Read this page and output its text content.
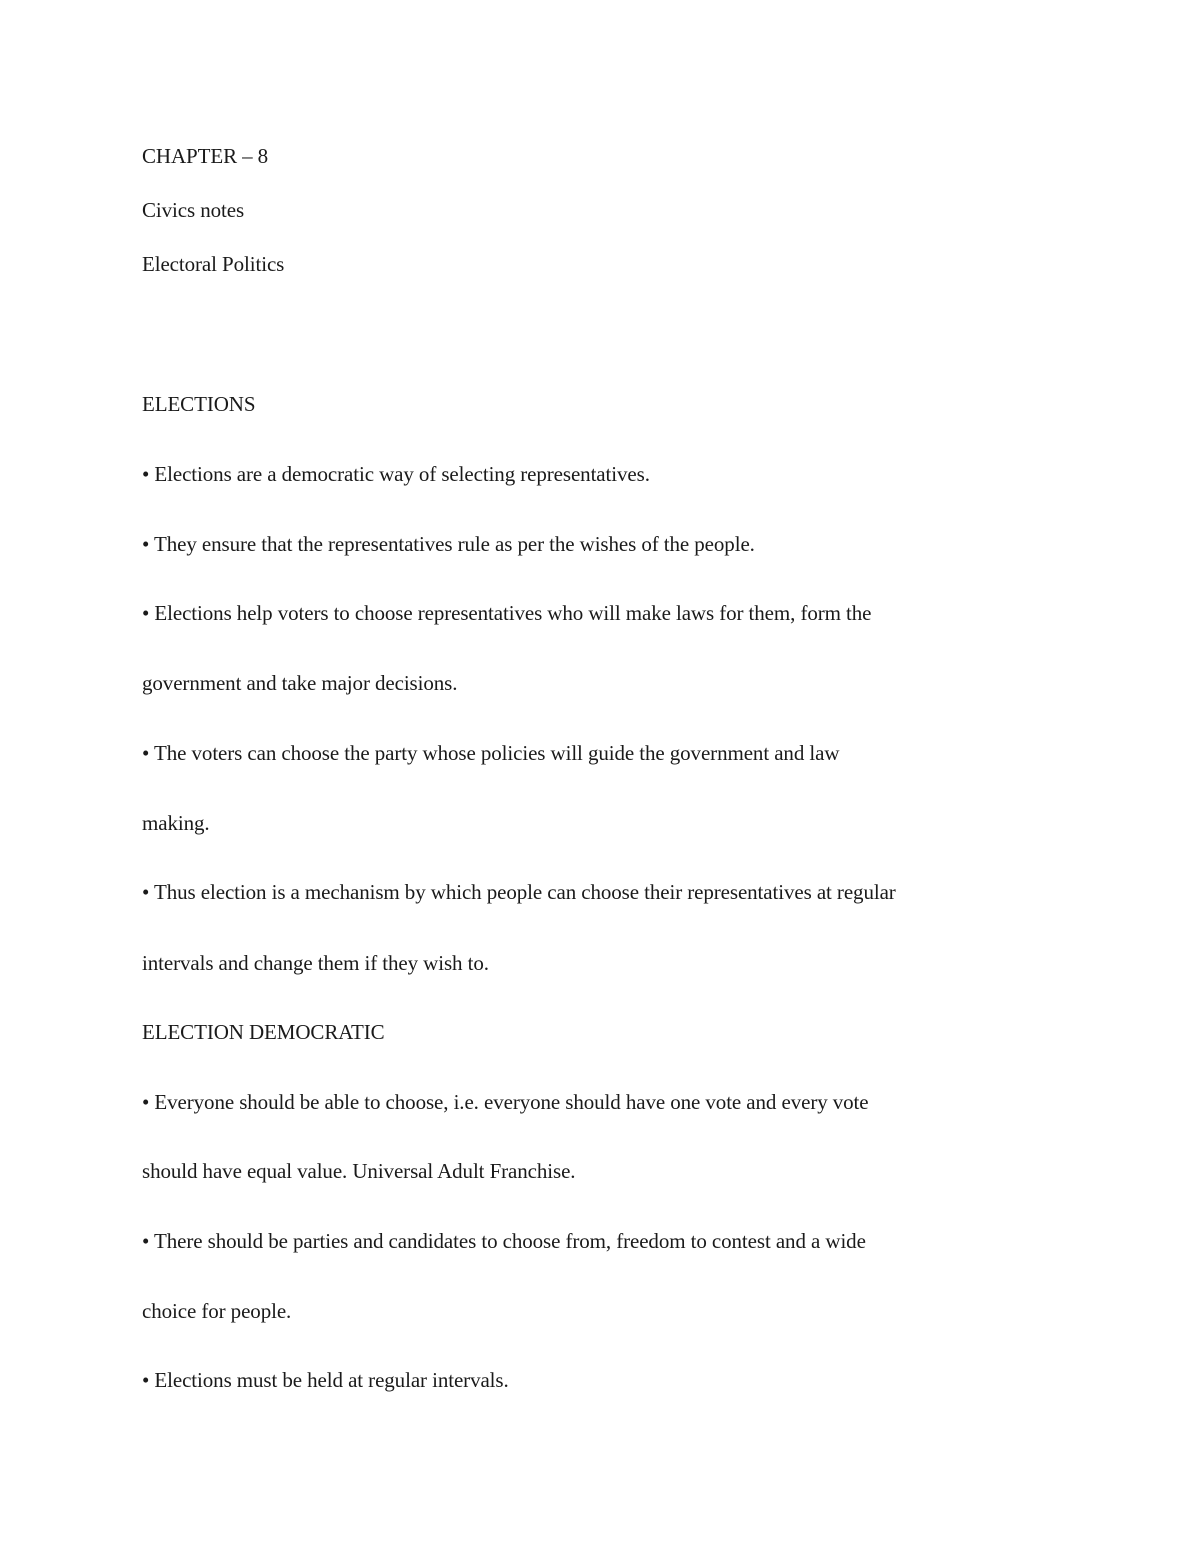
CHAPTER – 8
Civics notes
Electoral Politics
ELECTIONS
• Elections are a democratic way of selecting representatives.
• They ensure that the representatives rule as per the wishes of the people.
• Elections help voters to choose representatives who will make laws for them, form the
government and take major decisions.
• The voters can choose the party whose policies will guide the government and law
making.
• Thus election is a mechanism by which people can choose their representatives at regular
intervals and change them if they wish to.
ELECTION DEMOCRATIC
• Everyone should be able to choose, i.e. everyone should have one vote and every vote
should have equal value. Universal Adult Franchise.
• There should be parties and candidates to choose from, freedom to contest and a wide
choice for people.
• Elections must be held at regular intervals.
